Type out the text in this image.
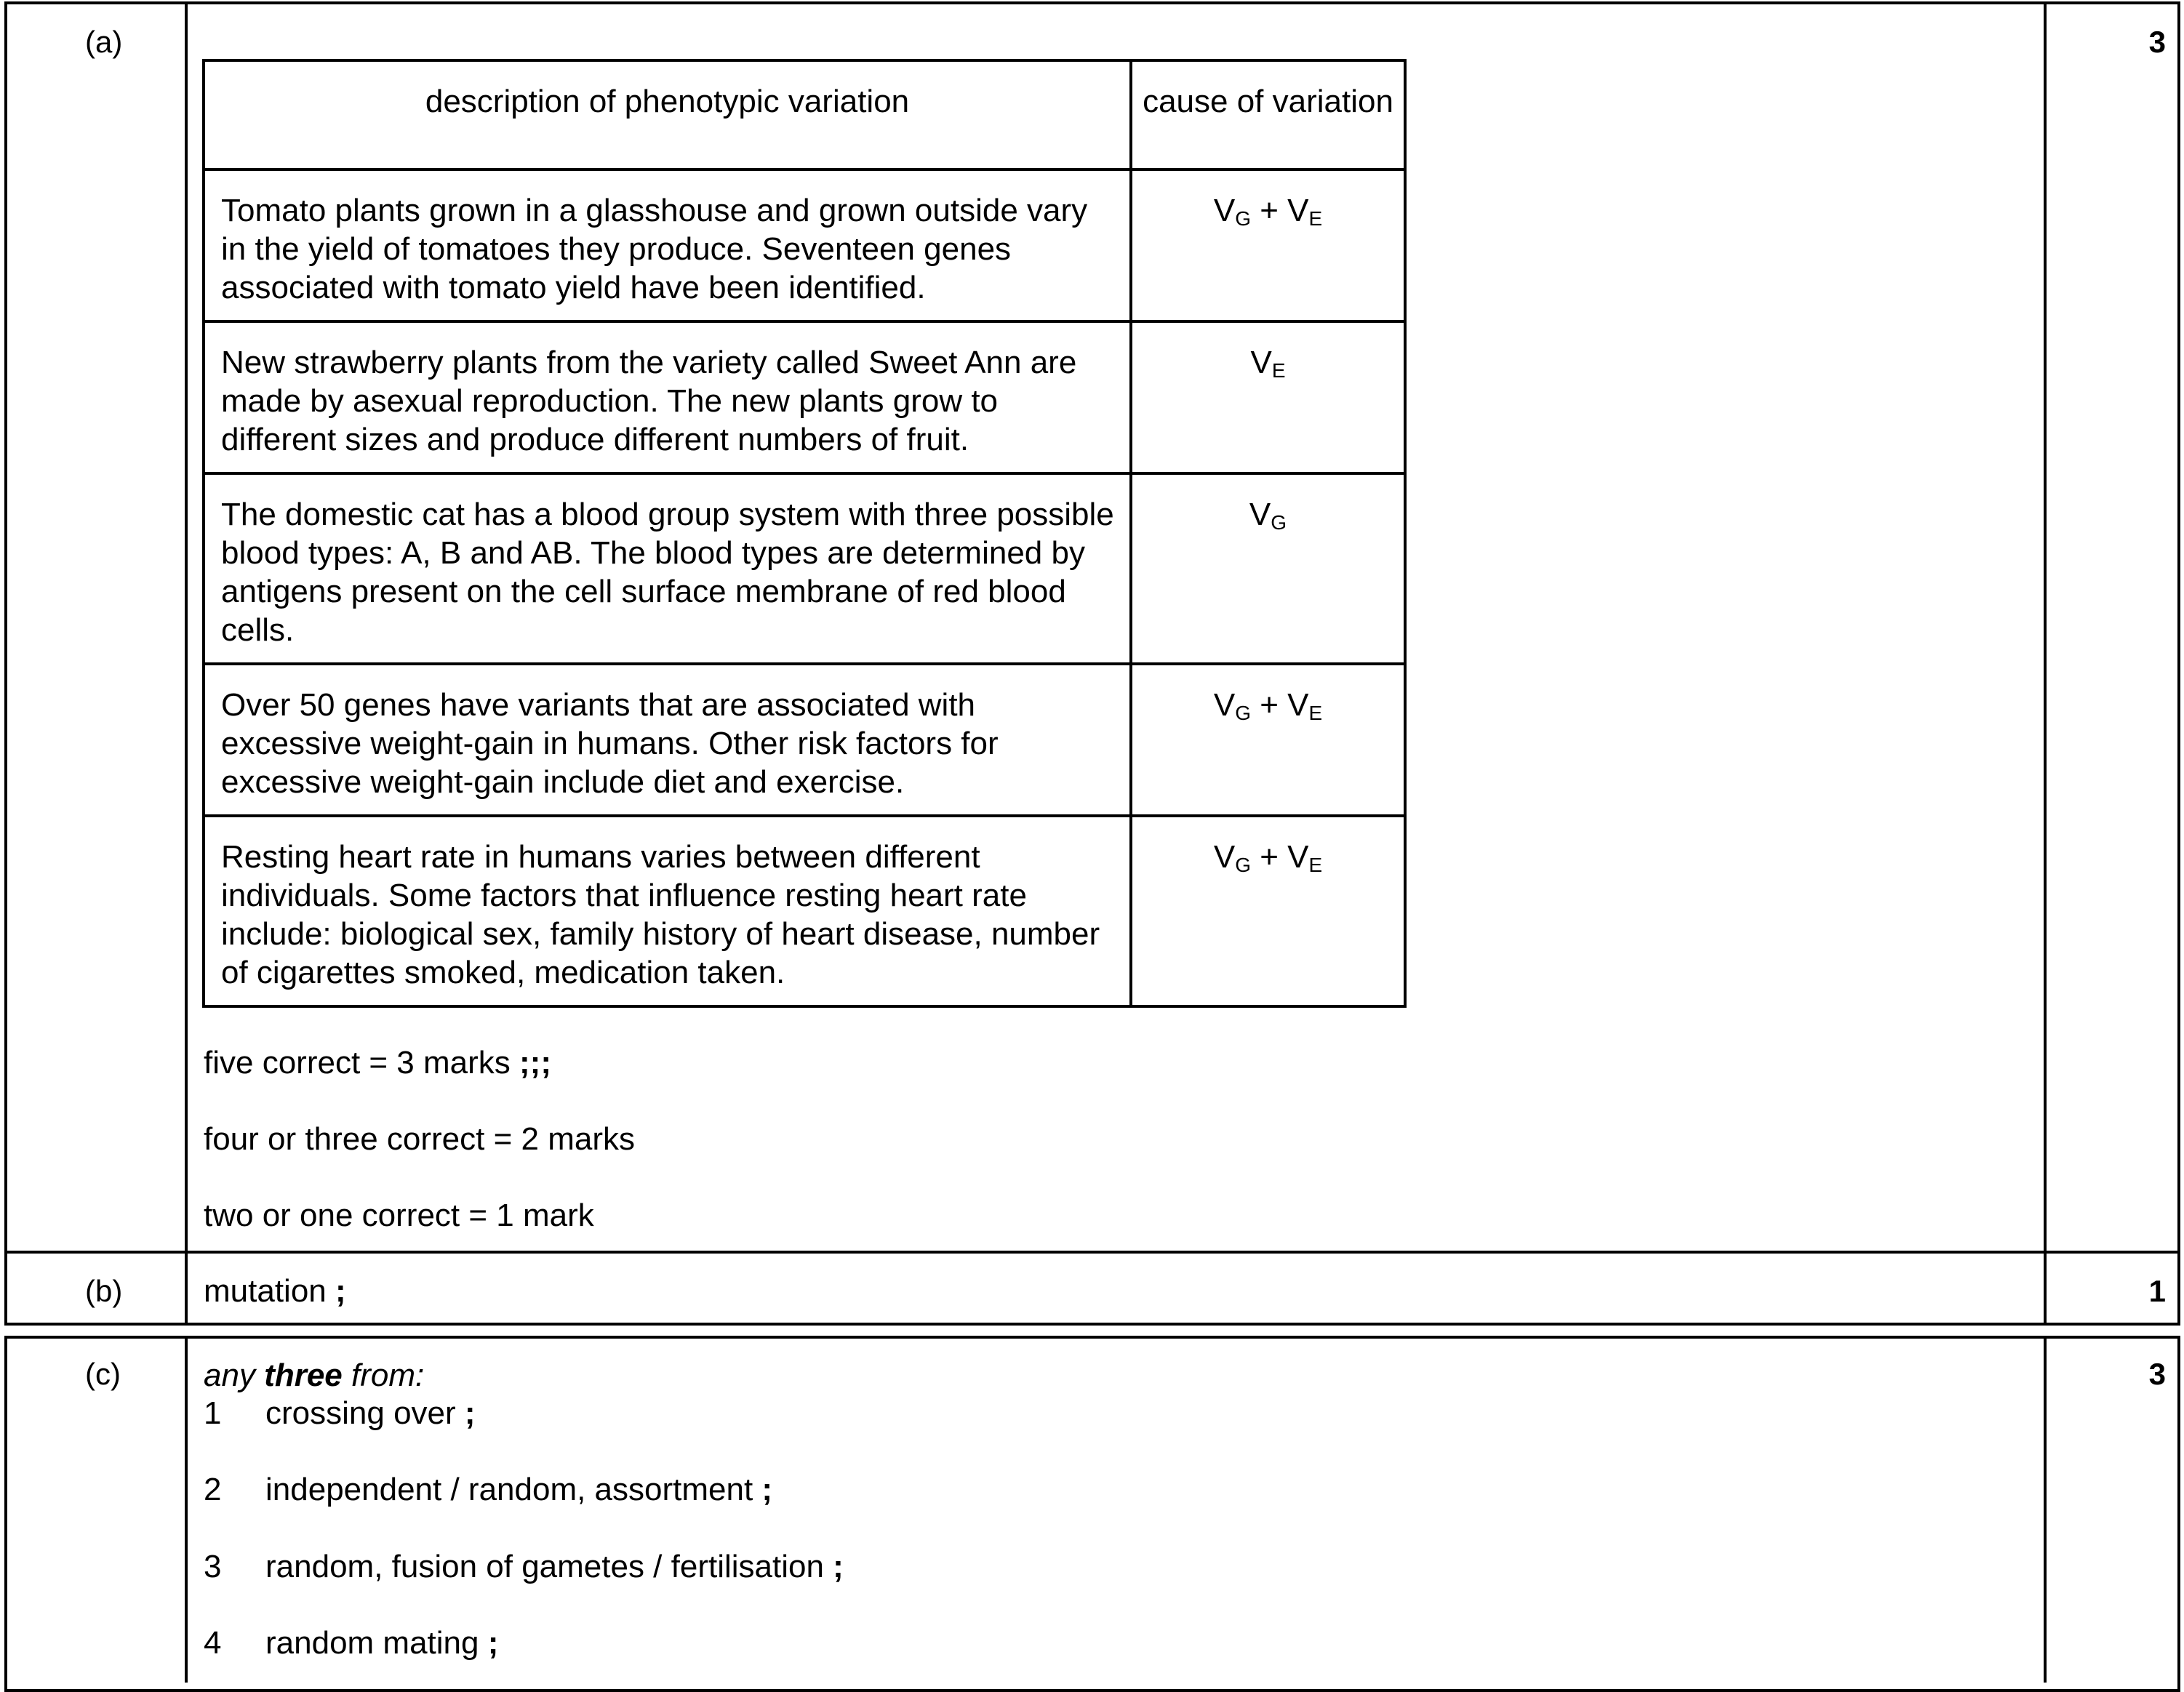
(a)	3
description of phenotypic variation	cause of variation
Tomato plants grown in a glasshouse and grown outside vary in the yield of tomatoes they produce. Seventeen genes associated with tomato yield have been identified.	$V_G + V_E$
New strawberry plants from the variety called Sweet Ann are made by asexual reproduction. The new plants grow to different sizes and produce different numbers of fruit.	$V_E$
The domestic cat has a blood group system with three possible blood types: A, B and AB. The blood types are determined by antigens present on the cell surface membrane of red blood cells.	$V_G$
Over 50 genes have variants that are associated with excessive weight-gain in humans. Other risk factors for excessive weight-gain include diet and exercise.	$V_G + V_E$
Resting heart rate in humans varies between different individuals. Some factors that influence resting heart rate include: biological sex, family history of heart disease, number of cigarettes smoked, medication taken.	$V_G + V_E$
five correct = 3 marks ;;;
four or three correct = 2 marks
two or one correct = 1 mark
(b)	1
mutation ;
(c)	3
any three from:
1 crossing over ;
2 independent / random, assortment ;
3 random, fusion of gametes / fertilisation ;
4 random mating ;
